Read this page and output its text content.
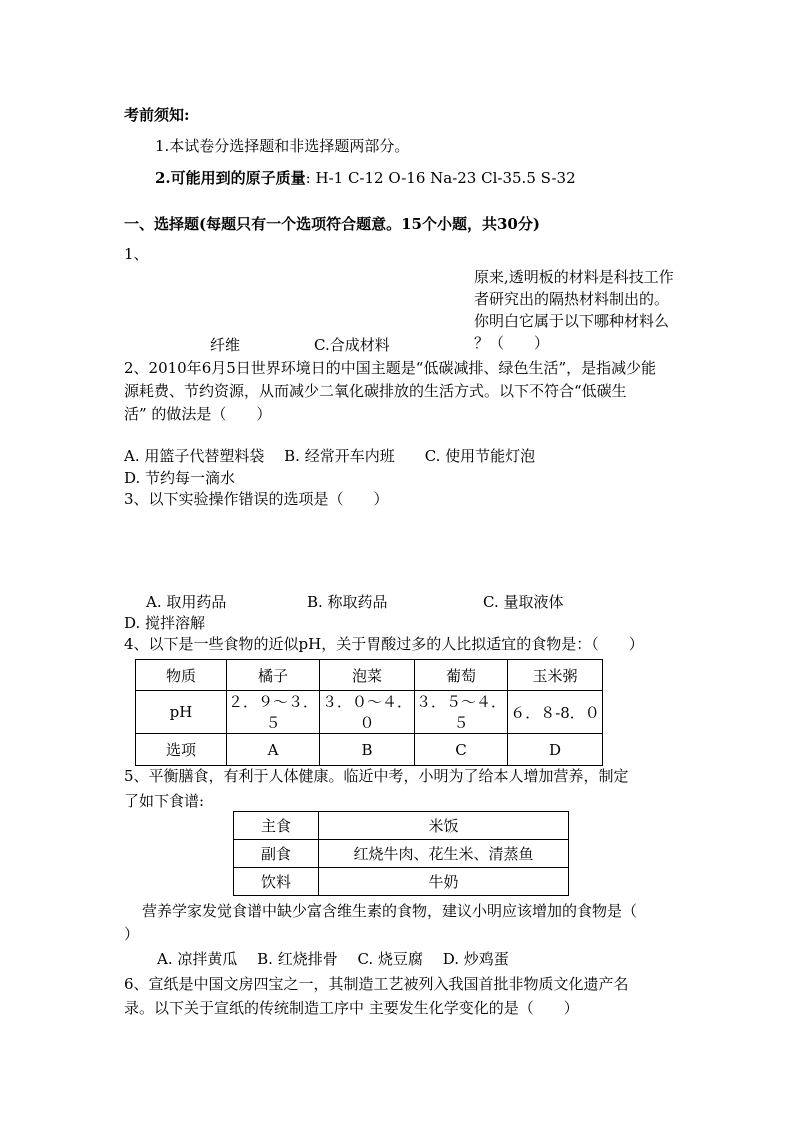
考前须知:
1.本试卷分选择题和非选择题两部分。
2.可能用到的原子质量: H-1 C-12 O-16 Na-23 Cl-35.5 S-32
一、选择题(每题只有一个选项符合题意。15个小题，共30分)
1、
原来,透明板的材料是科技工作
者研究出的隔热材料制出的。
你明白它属于以下哪种材料么
？（　　）
纤维	C.合成材料
2、2010年6月5日世界环境日的中国主题是“低碳减排、绿色生活”，是指减少能
源耗费、节约资源，从而减少二氧化碳排放的生活方式。以下不符合“低碳生
活” 的做法是（　　）
A. 用篮子代替塑料袋　 B. 经常开车内班　　C. 使用节能灯泡
D. 节约每一滴水
3、以下实验操作错误的选项是（　　）
A. 取用药品	B. 称取药品	C. 量取液体
D. 搅拌溶解
4、以下是一些食物的近似pH，关于胃酸过多的人比拟适宜的食物是：（　　）
物质	橘子	泡菜	葡萄	玉米粥
pH	２．９～３．５	３．０～４．０	３．５～４．５	６．８-8．０
选项	A	B	C	D
5、平衡膳食，有利于人体健康。临近中考，小明为了给本人增加营养，制定
了如下食谱:
主食	米饭
副食	红烧牛肉、花生米、清蒸鱼
饮料	牛奶
营养学家发觉食谱中缺少富含维生素的食物，建议小明应该增加的食物是（
）
A. 凉拌黄瓜　 B. 红烧排骨　 C. 烧豆腐　 D. 炒鸡蛋
6、宣纸是中国文房四宝之一，其制造工艺被列入我国首批非物质文化遗产名
录。以下关于宣纸的传统制造工序中 主要发生化学变化的是（　　）
